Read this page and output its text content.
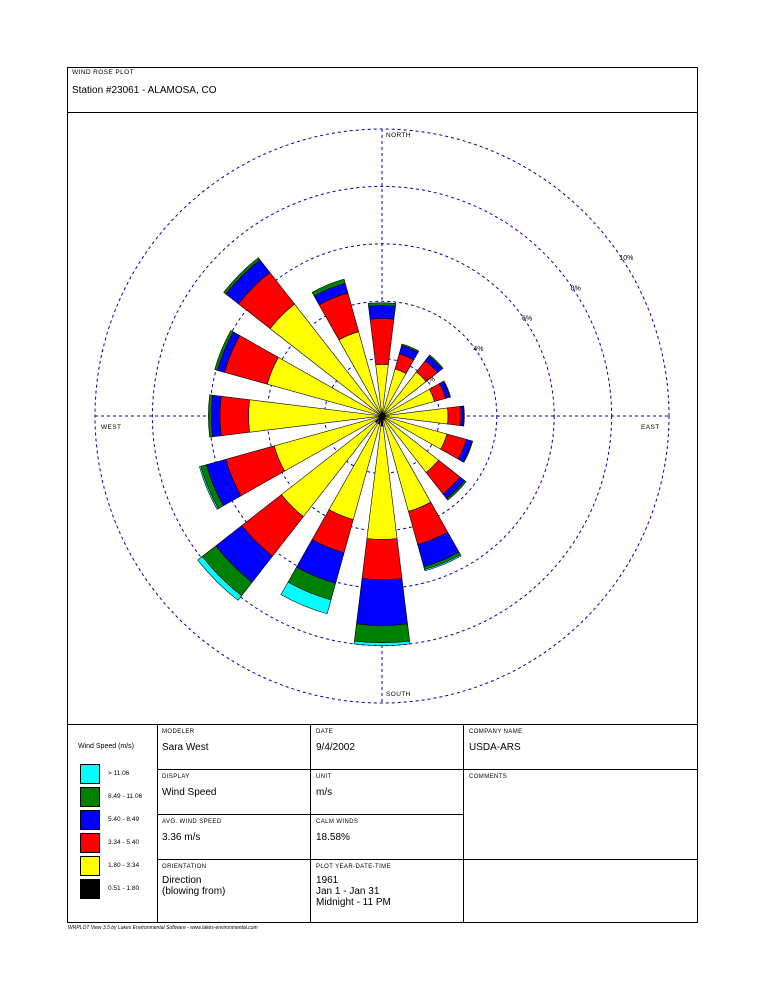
WIND ROSE PLOT
Station #23061 - ALAMOSA, CO
2%
4%
6%
8%
10%
NORTH
EAST
SOUTH
WEST
Wind Speed (m/s)
> 11.06
8.49 - 11.06
5.40 - 8.49
3.34 - 5.40
1.80 - 3.34
0.51 - 1.80
MODELER
Sara West
DATE
9/4/2002
COMPANY NAME
USDA-ARS
DISPLAY
Wind Speed
UNIT
m/s
COMMENTS
AVG. WIND SPEED
3.36 m/s
CALM WINDS
18.58%
ORIENTATION
Direction
(blowing from)
PLOT YEAR-DATE-TIME
1961
Jan 1 - Jan 31
Midnight - 11 PM
WRPLOT View 3.5 by Lakes Environmental Software - www.lakes-environmental.com
